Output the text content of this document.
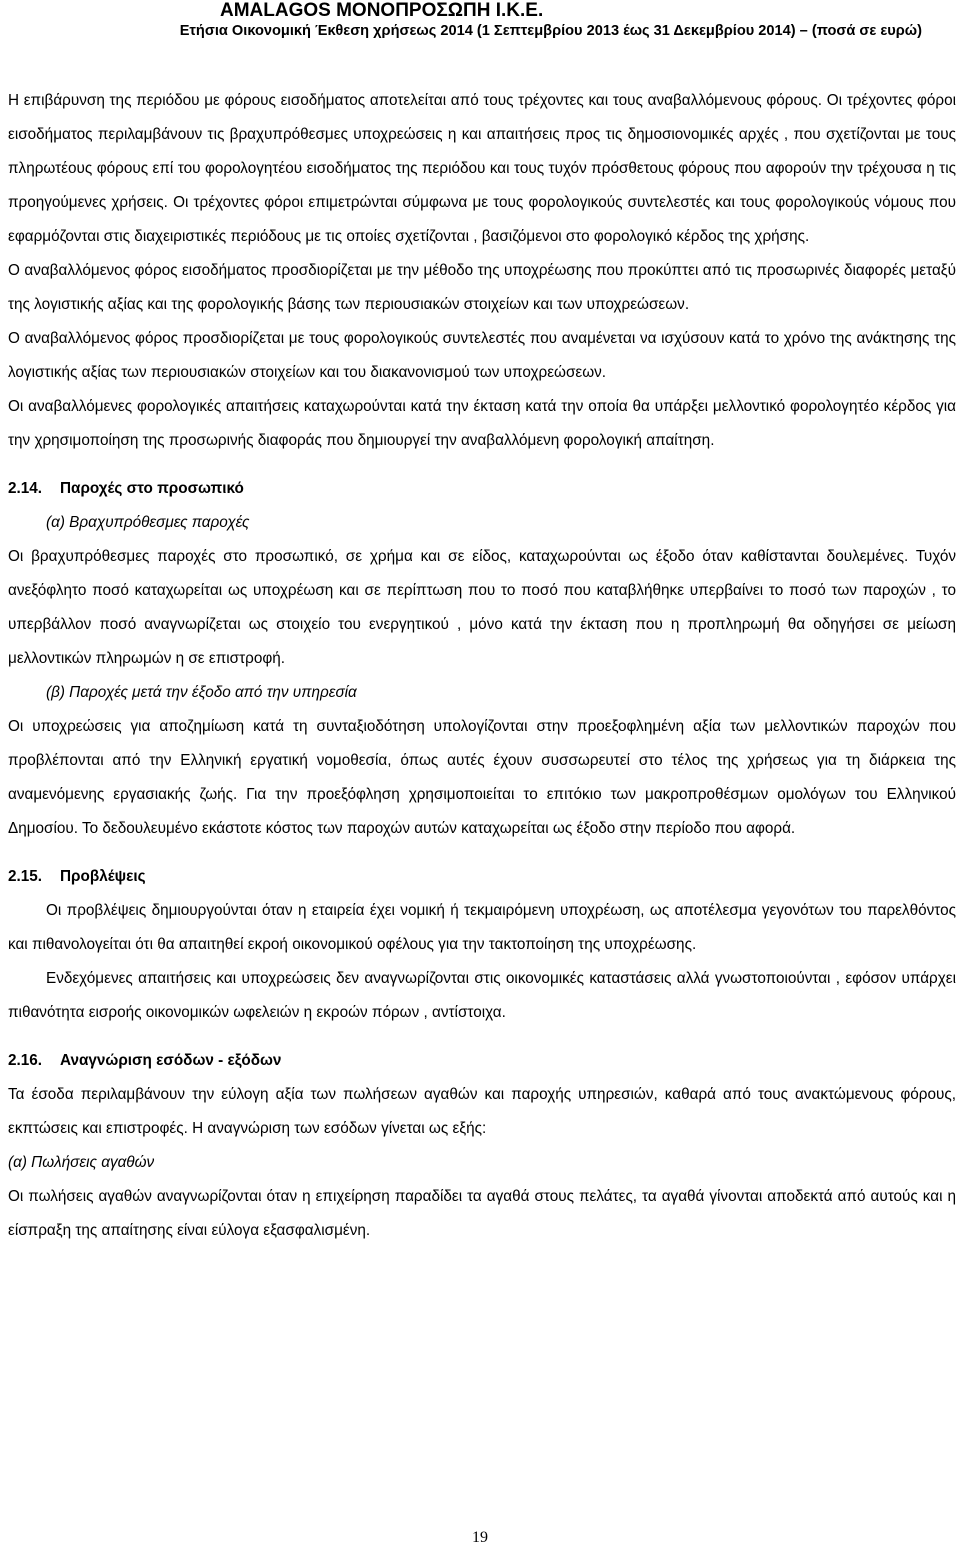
AMALAGOS ΜΟΝΟΠΡΟΣΩΠΗ Ι.Κ.Ε.
Ετήσια Οικονομική Έκθεση χρήσεως 2014 (1 Σεπτεμβρίου 2013 έως 31 Δεκεμβρίου 2014) – (ποσά σε ευρώ)

Η επιβάρυνση της περιόδου με φόρους εισοδήματος αποτελείται από τους τρέχοντες και τους αναβαλλόμενους φόρους. Οι τρέχοντες φόροι εισοδήματος περιλαμβάνουν τις βραχυπρόθεσμες υποχρεώσεις η και απαιτήσεις προς τις δημοσιονομικές αρχές , που σχετίζονται με τους πληρωτέους φόρους επί του φορολογητέου εισοδήματος της περιόδου και τους τυχόν πρόσθετους φόρους που αφορούν την τρέχουσα η τις προηγούμενες χρήσεις. Οι τρέχοντες φόροι επιμετρώνται σύμφωνα με τους φορολογικούς συντελεστές και τους φορολογικούς νόμους που εφαρμόζονται στις διαχειριστικές περιόδους με τις οποίες σχετίζονται , βασιζόμενοι στο φορολογικό κέρδος της χρήσης.

Ο αναβαλλόμενος φόρος εισοδήματος προσδιορίζεται με την μέθοδο της υποχρέωσης που προκύπτει από τις προσωρινές διαφορές μεταξύ της λογιστικής αξίας και της φορολογικής βάσης των περιουσιακών στοιχείων και των υποχρεώσεων.

Ο αναβαλλόμενος φόρος προσδιορίζεται με τους φορολογικούς συντελεστές που αναμένεται να ισχύσουν κατά το χρόνο της ανάκτησης της λογιστικής αξίας των περιουσιακών στοιχείων και του διακανονισμού των υποχρεώσεων.

Οι αναβαλλόμενες φορολογικές απαιτήσεις καταχωρούνται κατά την έκταση κατά την οποία θα υπάρξει μελλοντικό φορολογητέο κέρδος για την χρησιμοποίηση της προσωρινής διαφοράς που δημιουργεί την αναβαλλόμενη φορολογική απαίτηση.

2.14. Παροχές στο προσωπικό

(α) Βραχυπρόθεσμες παροχές

Οι βραχυπρόθεσμες παροχές στο προσωπικό, σε χρήμα και σε είδος, καταχωρούνται ως έξοδο όταν καθίστανται δουλεμένες. Τυχόν ανεξόφλητο ποσό καταχωρείται ως υποχρέωση και σε περίπτωση που το ποσό που καταβλήθηκε υπερβαίνει το ποσό των παροχών , το υπερβάλλον ποσό αναγνωρίζεται ως στοιχείο του ενεργητικού , μόνο κατά την έκταση που η προπληρωμή θα οδηγήσει σε μείωση μελλοντικών πληρωμών η σε επιστροφή.

(β) Παροχές μετά την έξοδο από την υπηρεσία

Οι υποχρεώσεις για αποζημίωση κατά τη συνταξιοδότηση υπολογίζονται στην προεξοφλημένη αξία των μελλοντικών παροχών που προβλέπονται από την Ελληνική εργατική νομοθεσία, όπως αυτές έχουν συσσωρευτεί στο τέλος της χρήσεως για τη διάρκεια της αναμενόμενης εργασιακής ζωής. Για την προεξόφληση χρησιμοποιείται το επιτόκιο των μακροπροθέσμων ομολόγων του Ελληνικού Δημοσίου. Το δεδουλευμένο εκάστοτε κόστος των παροχών αυτών καταχωρείται ως έξοδο στην περίοδο που αφορά.

2.15. Προβλέψεις

Οι προβλέψεις δημιουργούνται όταν η εταιρεία έχει νομική ή τεκμαιρόμενη υποχρέωση, ως αποτέλεσμα γεγονότων του παρελθόντος και πιθανολογείται ότι θα απαιτηθεί εκροή οικονομικού οφέλους για την τακτοποίηση της υποχρέωσης.

Ενδεχόμενες απαιτήσεις και υποχρεώσεις δεν αναγνωρίζονται στις οικονομικές καταστάσεις αλλά γνωστοποιούνται , εφόσον υπάρχει πιθανότητα εισροής οικονομικών ωφελειών η εκροών πόρων , αντίστοιχα.

2.16. Αναγνώριση εσόδων - εξόδων

Τα έσοδα περιλαμβάνουν την εύλογη αξία των πωλήσεων αγαθών και παροχής υπηρεσιών, καθαρά από τους ανακτώμενους φόρους, εκπτώσεις και επιστροφές. Η αναγνώριση των εσόδων γίνεται ως εξής:

(α) Πωλήσεις αγαθών

Οι πωλήσεις αγαθών αναγνωρίζονται όταν η επιχείρηση παραδίδει τα αγαθά στους πελάτες, τα αγαθά γίνονται αποδεκτά από αυτούς και η είσπραξη της απαίτησης είναι εύλογα εξασφαλισμένη.

19
